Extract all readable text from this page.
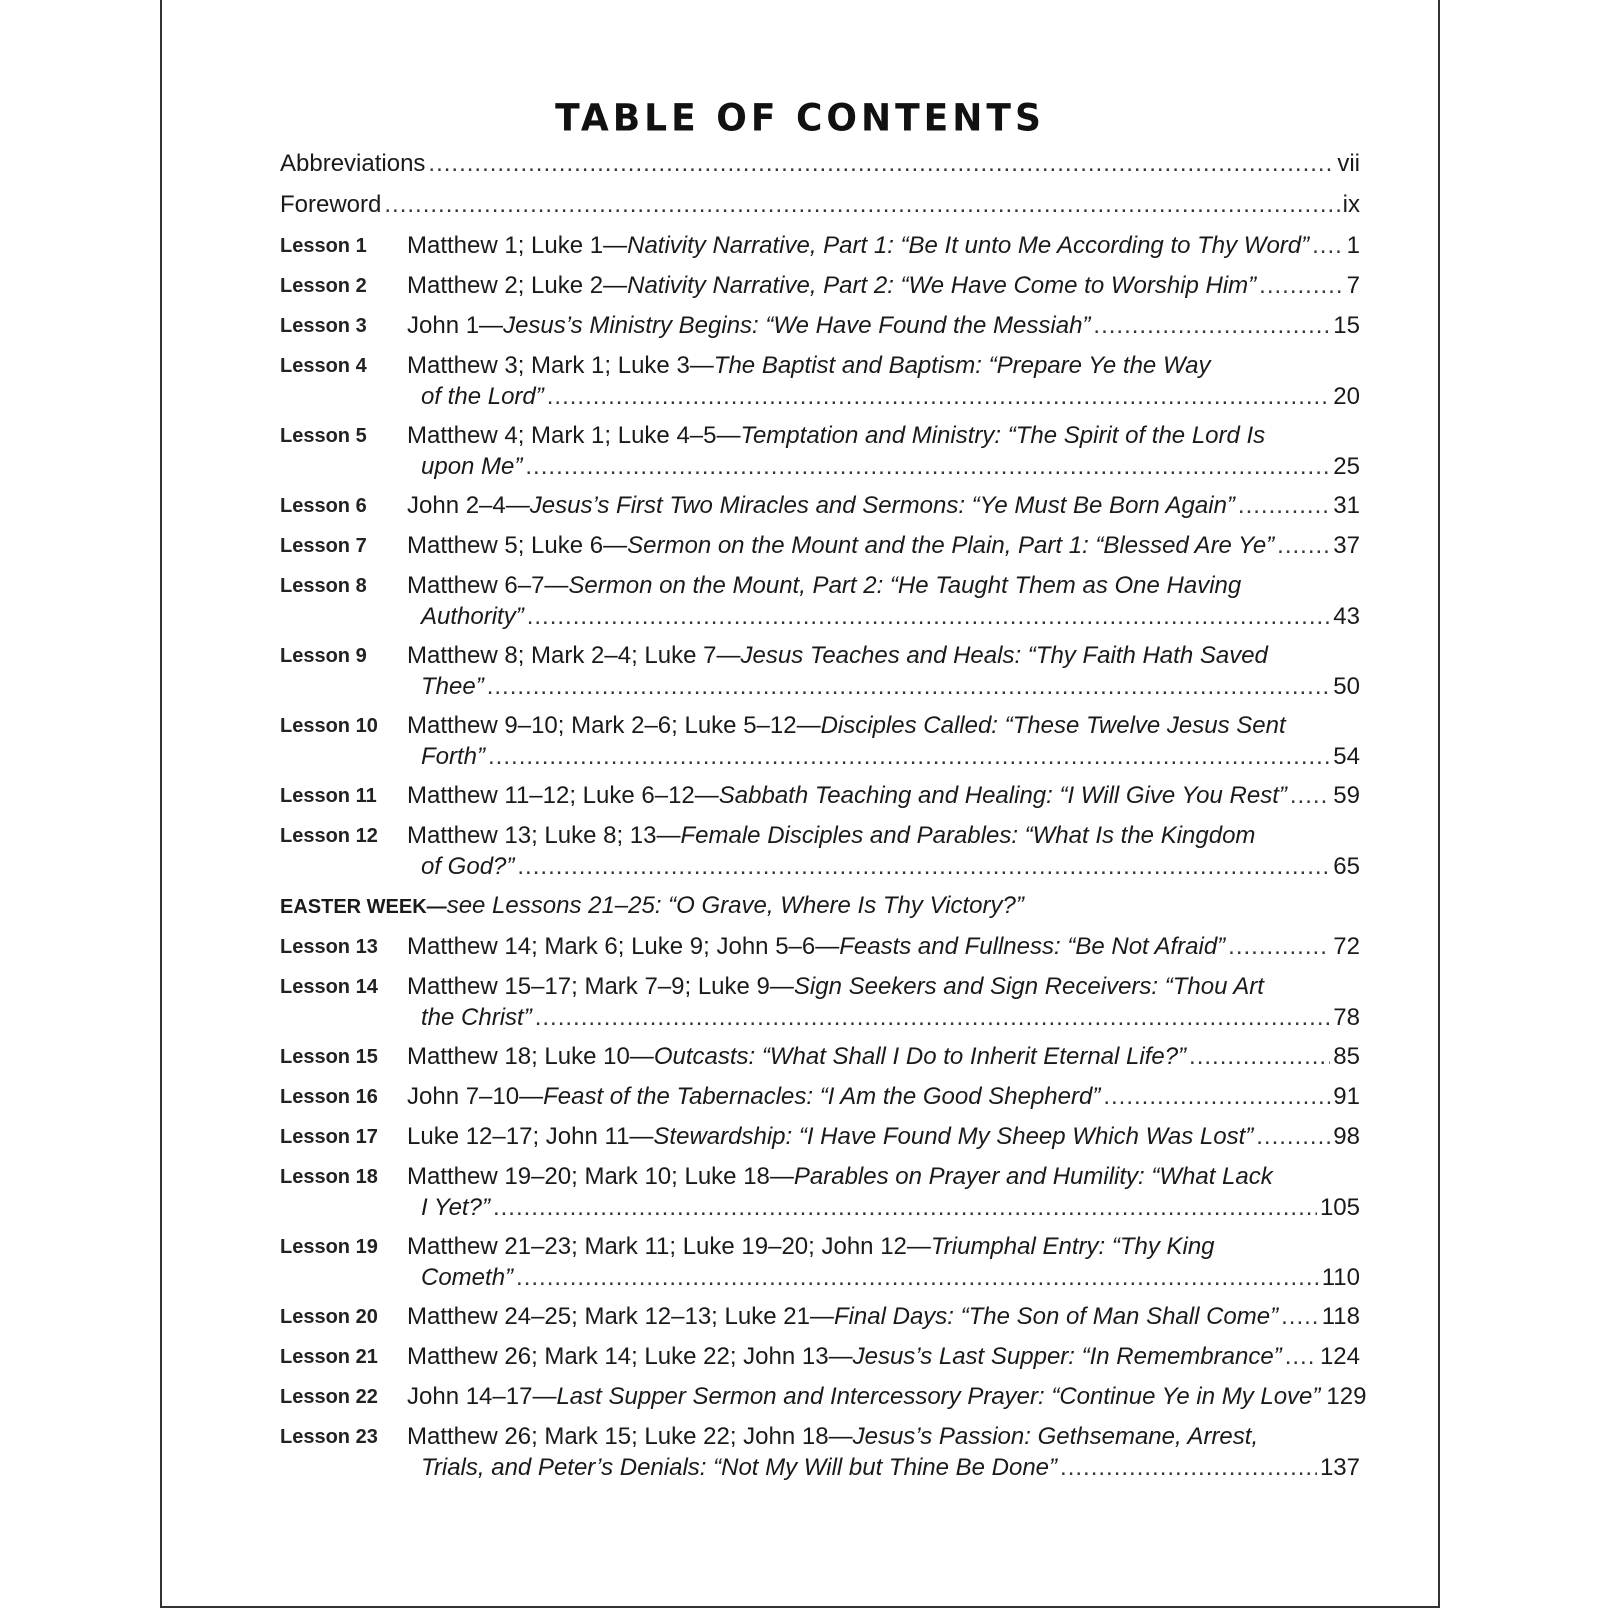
TABLE OF CONTENTS
Abbreviations .....	vii
Foreword .....	ix
Lesson 1	Matthew 1; Luke 1— Nativity Narrative, Part 1: “Be It unto Me According to Thy Word” ..... 1
Lesson 2	Matthew 2; Luke 2— Nativity Narrative, Part 2: “We Have Come to Worship Him” .....	7
Lesson 3	John 1— Jesus’s Ministry Begins: “We Have Found the Messiah” .....	15
Lesson 4	Matthew 3; Mark 1; Luke 3—The Baptist and Baptism: “Prepare Ye the Way
of the Lord” .....	20
Lesson 5	Matthew 4; Mark 1; Luke 4–5—Temptation and Ministry: “The Spirit of the Lord Is
upon Me” .....	25
Lesson 6	John 2–4— Jesus’s First Two Miracles and Sermons: “Ye Must Be Born Again” .....	31
Lesson 7	Matthew 5; Luke 6— Sermon on the Mount and the Plain, Part 1: “Blessed Are Ye” ..... 37
Lesson 8	Matthew 6–7—Sermon on the Mount, Part 2: “He Taught Them as One Having
Authority” .....	43
Lesson 9	Matthew 8; Mark 2–4; Luke 7—Jesus Teaches and Heals: “Thy Faith Hath Saved
Thee” .....	50
Lesson 10	Matthew 9–10; Mark 2–6; Luke 5–12—Disciples Called: “These Twelve Jesus Sent
Forth” .....	54
Lesson 11	Matthew 11–12; Luke 6–12— Sabbath Teaching and Healing: “I Will Give You Rest” ..... 59
Lesson 12	Matthew 13; Luke 8; 13—Female Disciples and Parables: “What Is the Kingdom
of God?” .....	65
EASTER WEEK—see Lessons 21–25: “O Grave, Where Is Thy Victory?”
Lesson 13	Matthew 14; Mark 6; Luke 9; John 5–6— Feasts and Fullness: “Be Not Afraid” .....	72
Lesson 14	Matthew 15–17; Mark 7–9; Luke 9—Sign Seekers and Sign Receivers: “Thou Art
the Christ” .....	78
Lesson 15	Matthew 18; Luke 10— Outcasts: “What Shall I Do to Inherit Eternal Life?” .....	85
Lesson 16	John 7–10— Feast of the Tabernacles: “I Am the Good Shepherd” .....	91
Lesson 17	Luke 12–17; John 11— Stewardship: “I Have Found My Sheep Which Was Lost” .....	98
Lesson 18	Matthew 19–20; Mark 10; Luke 18—Parables on Prayer and Humility: “What Lack
I Yet?” .....	105
Lesson 19	Matthew 21–23; Mark 11; Luke 19–20; John 12—Triumphal Entry: “Thy King
Cometh” .....	110
Lesson 20	Matthew 24–25; Mark 12–13; Luke 21— Final Days: “The Son of Man Shall Come” ..... 118
Lesson 21	Matthew 26; Mark 14; Luke 22; John 13— Jesus’s Last Supper: “In Remembrance” ..... 124
Lesson 22	John 14–17— Last Supper Sermon and Intercessory Prayer: “Continue Ye in My Love” 129
Lesson 23	Matthew 26; Mark 15; Luke 22; John 18—Jesus’s Passion: Gethsemane, Arrest,
Trials, and Peter’s Denials: “Not My Will but Thine Be Done” .....	137
